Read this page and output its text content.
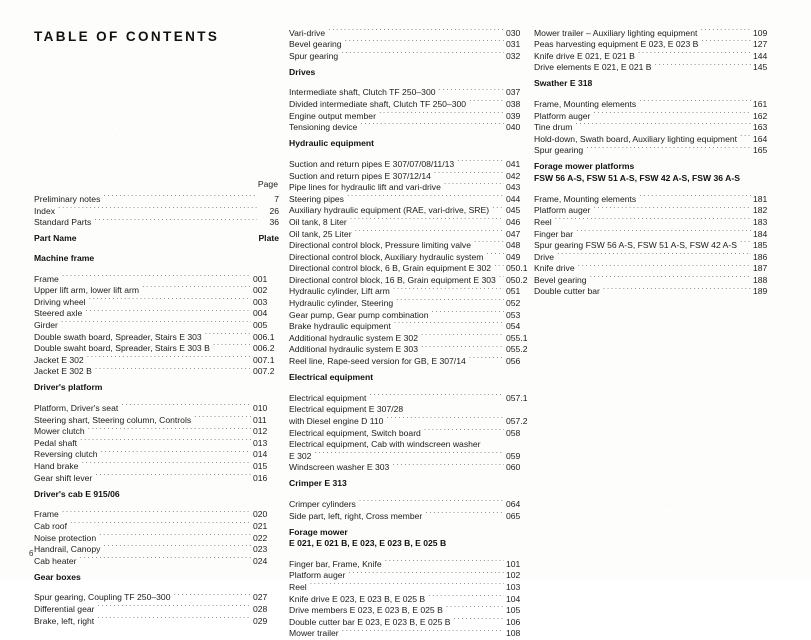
TABLE OF CONTENTS
Page
Preliminary notes .....	7
Index .....	26
Standard Parts .....	36
Part Name	Plate
Machine frame
Frame .....	001
Upper lift arm, lower lift arm .....	002
Driving wheel .....	003
Steered axle .....	004
Girder .....	005
Double swath board, Spreader, Stairs E 303 .....	006.1
Double swaht board, Spreader, Stairs E 303 B .....	006.2
Jacket E 302 .....	007.1
Jacket E 302 B .....	007.2
Driver's platform
Platform, Driver's seat .....	010
Steering shart, Steering column, Controls .....	011
Mower clutch .....	012
Pedal shaft .....	013
Reversing clutch .....	014
Hand brake .....	015
Gear shift lever .....	016
Driver's cab E 915/06
Frame .....	020
Cab roof .....	021
Noise protection .....	022
Handrail, Canopy .....	023
Cab heater .....	024
Gear boxes
Spur gearing, Coupling TF 250–300 .....	027
Differential gear .....	028
Brake, left, right .....	029
Vari-drive .....	030
Bevel gearing .....	031
Spur gearing .....	032
Drives
Intermediate shaft, Clutch TF 250–300 .....	037
Divided intermediate shaft, Clutch TF 250–300 .....	038
Engine output member .....	039
Tensioning device .....	040
Hydraulic equipment
Suction and return pipes E 307/07/08/11/13 .....	041
Suction and return pipes E 307/12/14 .....	042
Pipe lines for hydraulic lift and vari-drive .....	043
Steering pipes .....	044
Auxiliary hydraulic equipment (RAE, vari-drive, SRE) .....	045
Oil tank, 8 Liter .....	046
Oil tank, 25 Liter .....	047
Directional control block, Pressure limiting valve .....	048
Directional control block, Auxiliary hydraulic system .....	049
Directional control block, 6 B, Grain equipment E 302 .....	050.1
Directional control block, 16 B, Grain equipment E 303 .....	050.2
Hydraulic cylinder, Lift arm .....	051
Hydraulic cylinder, Steering .....	052
Gear pump, Gear pump combination .....	053
Brake hydraulic equipment .....	054
Additional hydraulic system E 302 .....	055.1
Additional hydraulic system E 303 .....	055.2
Reel line, Rape-seed version for GB, E 307/14 .....	056
Electrical equipment
Electrical equipment .....	057.1
Electrical equipment E 307/28
with Diesel engine D 110 .....	057.2
Electrical equipment, Switch board .....	058
Electrical equipment, Cab with windscreen washer
E 302 .....	059
Windscreen washer E 303 .....	060
Crimper E 313
Crimper cylinders .....	064
Side part, left, right, Cross member .....	065
Forage mower
E 021, E 021 B, E 023, E 023 B, E 025 B
Finger bar, Frame, Knife .....	101
Platform auger .....	102
Reel .....	103
Knife drive E 023, E 023 B, E 025 B .....	104
Drive members E 023, E 023 B, E 025 B .....	105
Double cutter bar E 023, E 023 B, E 025 B .....	106
Mower trailer .....	108
Mower trailer – Auxiliary lighting equipment .....	109
Peas harvesting equipment E 023, E 023 B .....	127
Knife drive E 021, E 021 B .....	144
Drive elements E 021, E 021 B .....	145
Swather E 318
Frame, Mounting elements .....	161
Platform auger .....	162
Tine drum .....	163
Hold-down, Swath board, Auxiliary lighting equipment .....	164
Spur gearing .....	165
Forage mower platforms
FSW 56 A-S, FSW 51 A-S, FSW 42 A-S, FSW 36 A-S
Frame, Mounting elements .....	181
Platform auger .....	182
Reel .....	183
Finger bar .....	184
Spur gearing FSW 56 A-S, FSW 51 A-S, FSW 42 A-S .....	185
Drive .....	186
Knife drive .....	187
Bevel gearing .....	188
Double cutter bar .....	189
6
